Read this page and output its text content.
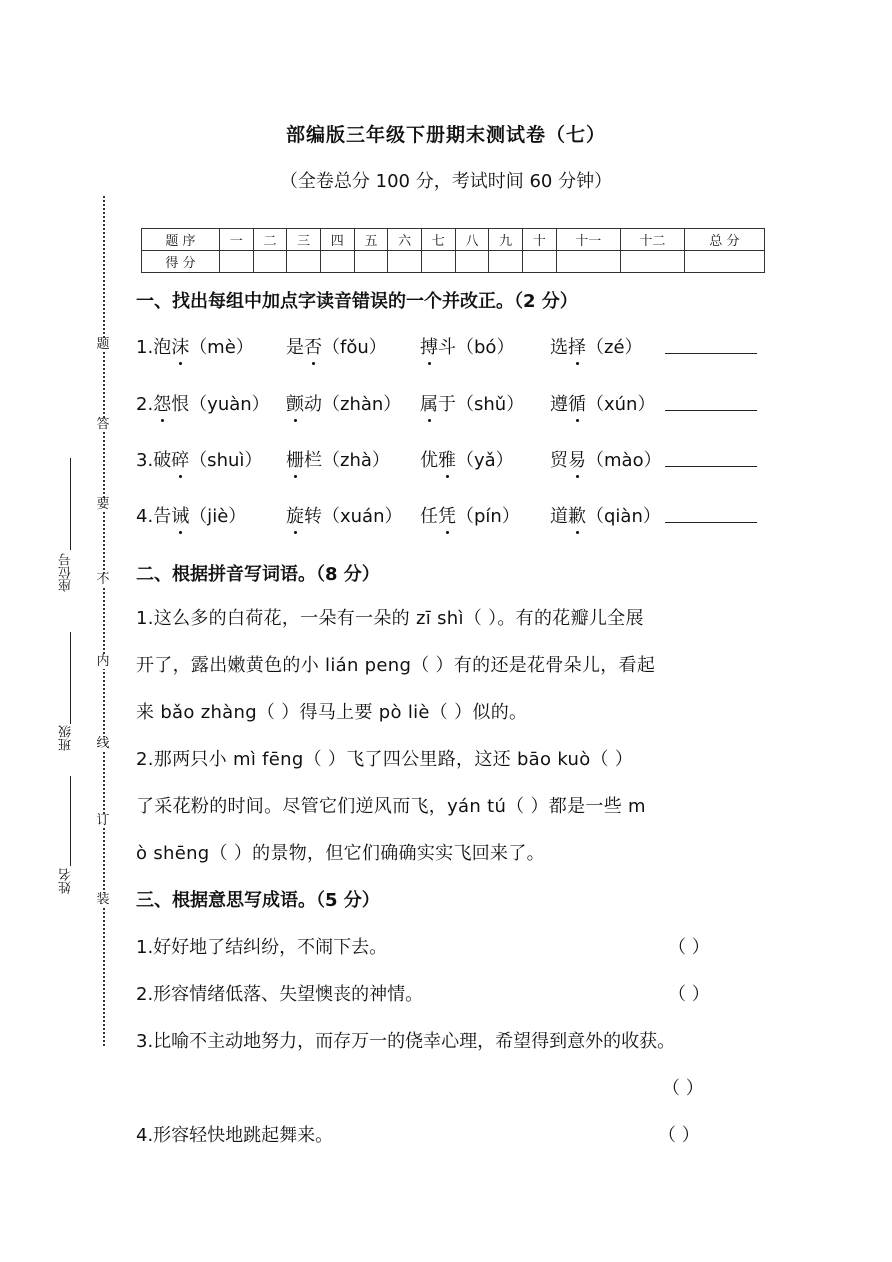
部编版三年级下册期末测试卷（七）
（全卷总分 100 分，考试时间 60 分钟）
题
答
要
不
内
线
订
装
座位号
班级
姓名
题 序	一	二	三	四	五	六	七	八	九	十	十一	十二	总 分
得 分													
一、找出每组中加点字读音错误的一个并改正。（2 分）
1.泡沫（mè） 是否（fǒu） 搏斗（bó） 选择（zé）
2.怨恨（yuàn） 颤动（zhàn） 属于（shǔ） 遵循（xún）
3.破碎（shuì） 栅栏（zhà） 优雅（yǎ） 贸易（mào）
4.告诫（jiè） 旋转（xuán） 任凭（pín） 道歉（qiàn）
二、根据拼音写词语。（8 分）
1.这么多的白荷花，一朵有一朵的 zī shì（ ）。有的花瓣儿全展
开了，露出嫩黄色的小 lián peng（ ）有的还是花骨朵儿，看起
来 bǎo zhàng（ ）得马上要 pò liè（ ）似的。
2.那两只小 mì fēng（ ）飞了四公里路，这还 bāo kuò（ ）
了采花粉的时间。尽管它们逆风而飞，yán tú（ ）都是一些 m
ò shēng（ ）的景物，但它们确确实实飞回来了。
三、根据意思写成语。（5 分）
1.好好地了结纠纷，不闹下去。	（ ）
2.形容情绪低落、失望懊丧的神情。	（ ）
3.比喻不主动地努力，而存万一的侥幸心理，希望得到意外的收获。
（ ）
4.形容轻快地跳起舞来。	（ ）
